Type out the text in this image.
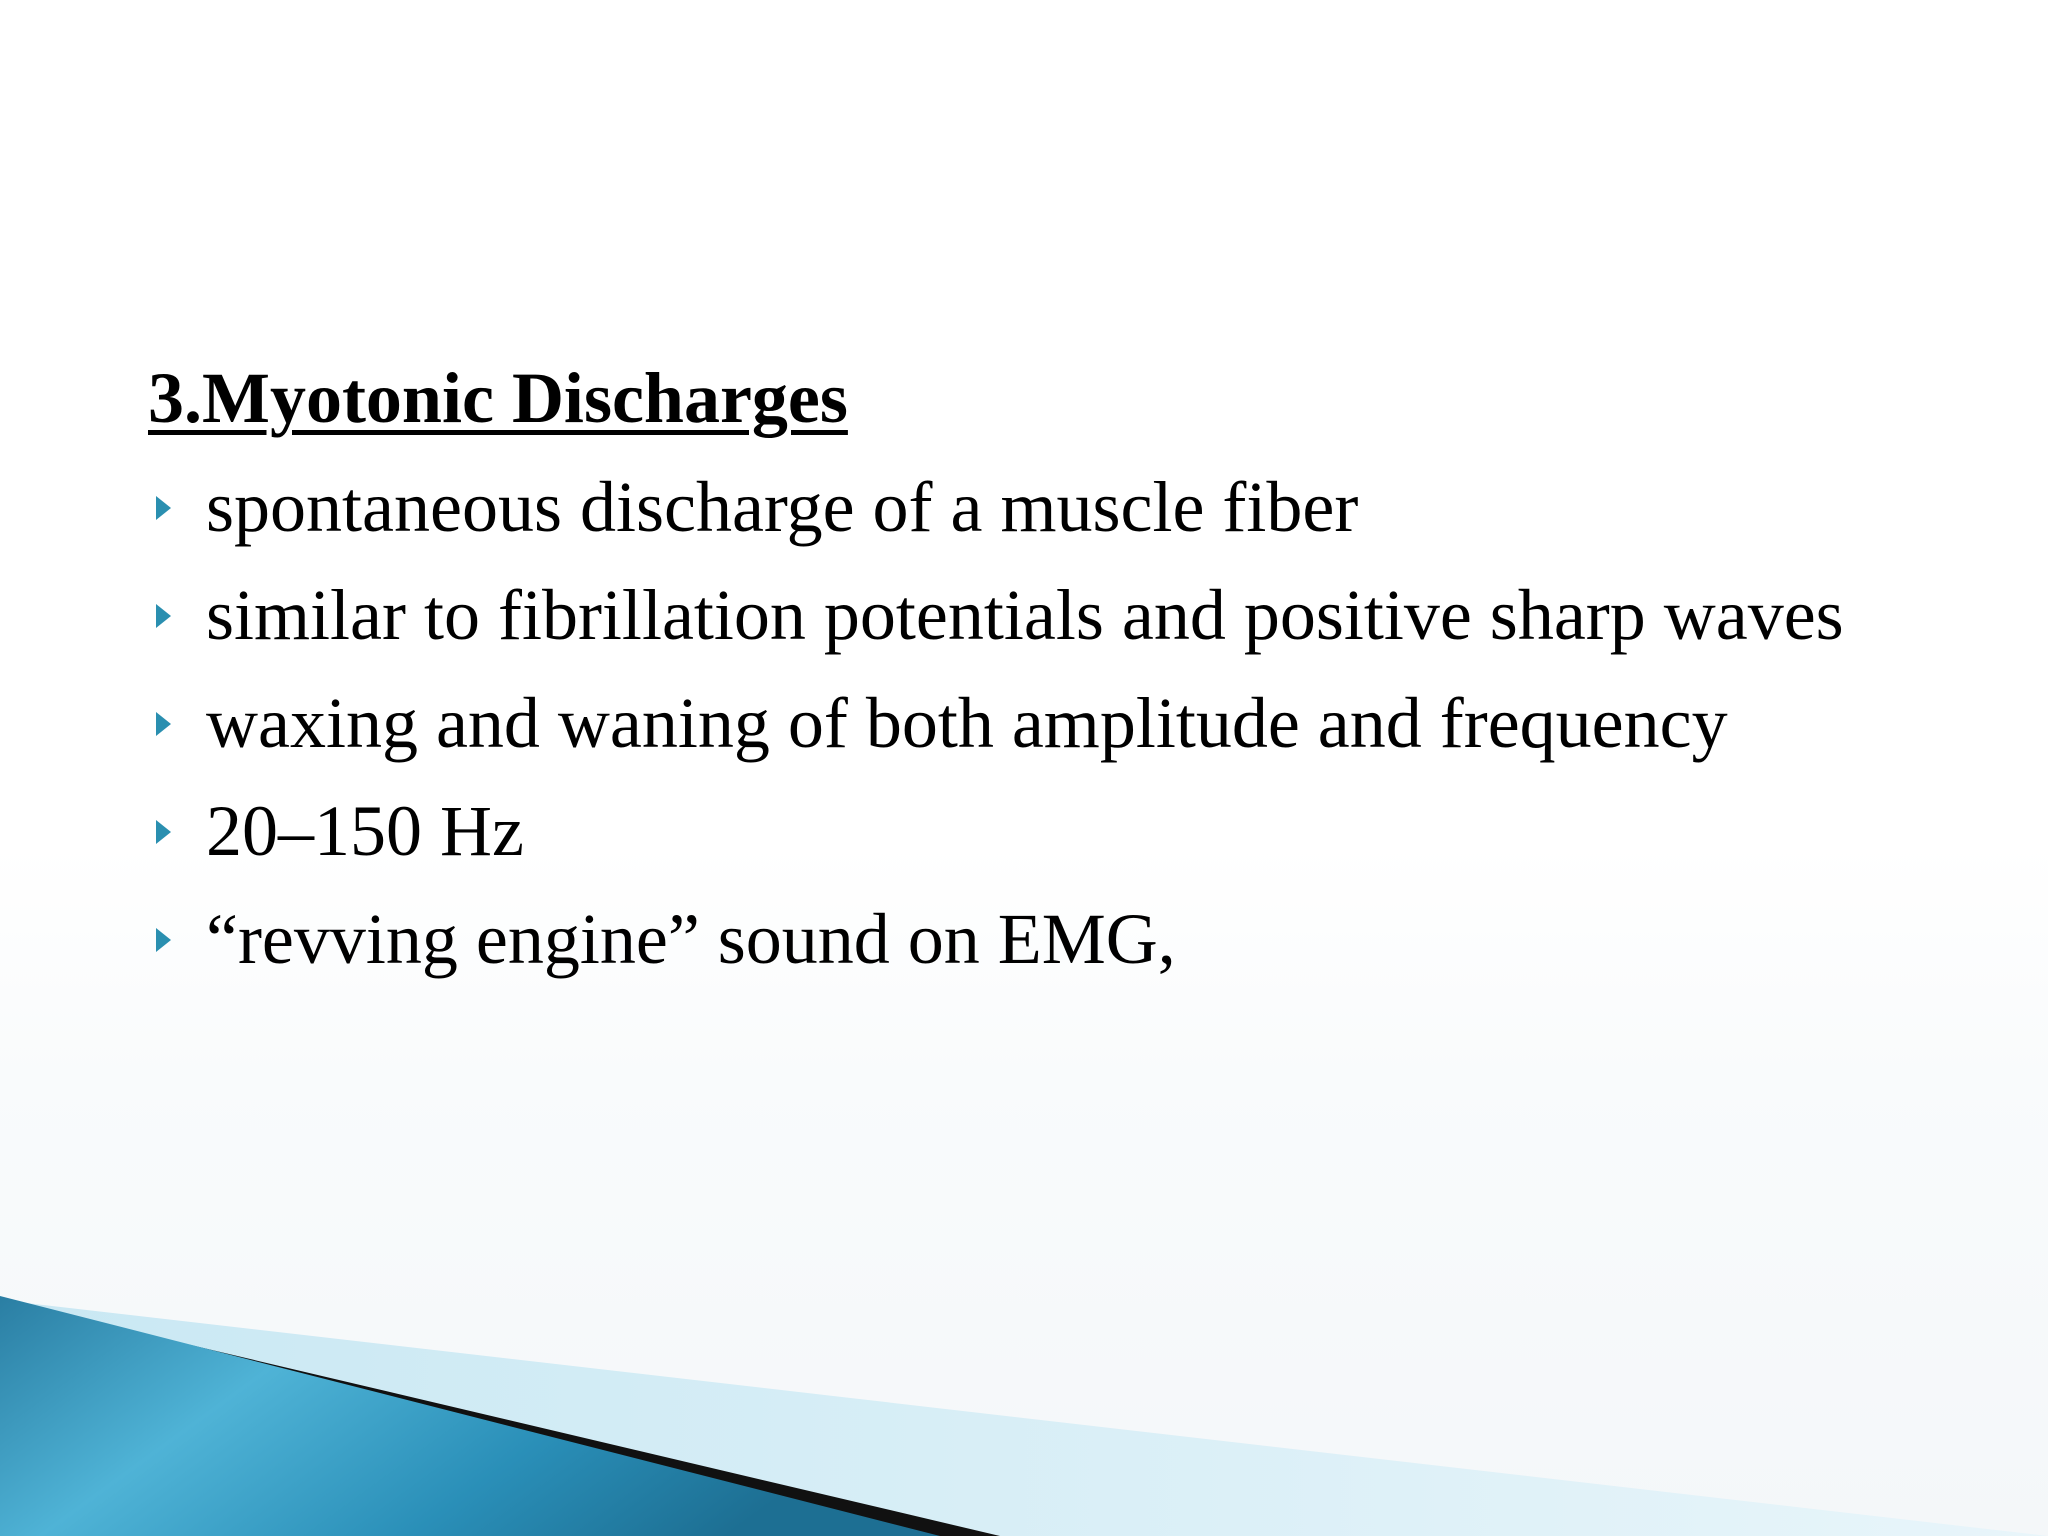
3.Myotonic Discharges
spontaneous discharge of a muscle fiber
similar to fibrillation potentials and positive sharp waves
waxing and waning of both amplitude and frequency
20–150 Hz
“revving engine” sound on EMG,
